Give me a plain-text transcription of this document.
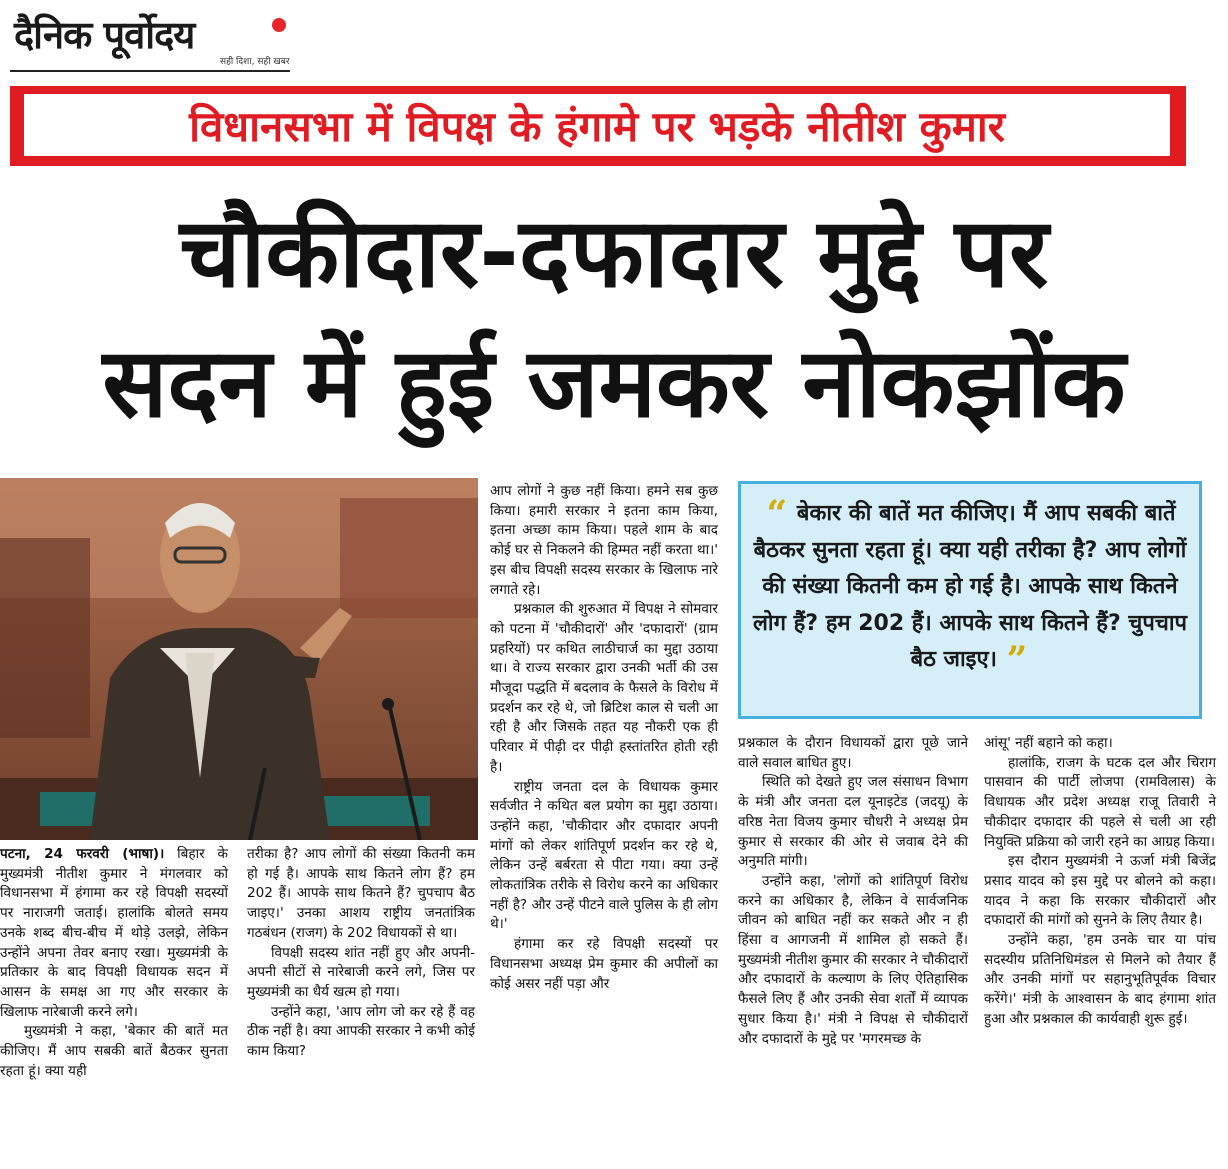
दैनिक पूर्वोदय
सही दिशा, सही खबर
विधानसभा में विपक्ष के हंगामे पर भड़के नीतीश कुमार
चौकीदार-दफादार मुद्दे पर
सदन में हुई जमकर नोकझोंक
“ बेकार की बातें मत कीजिए। मैं आप सबकी बातें बैठकर सुनता रहता हूं। क्या यही तरीका है? आप लोगों की संख्या कितनी कम हो गई है। आपके साथ कितने लोग हैं? हम 202 हैं। आपके साथ कितने हैं? चुपचाप बैठ जाइए। ”

पटना, 24 फरवरी (भाषा)। बिहार के मुख्यमंत्री नीतीश कुमार ने मंगलवार को विधानसभा में हंगामा कर रहे विपक्षी सदस्यों पर नाराजगी जताई। हालांकि बोलते समय उनके शब्द बीच-बीच में थोड़े उलझे, लेकिन उन्होंने अपना तेवर बनाए रखा। मुख्यमंत्री के प्रतिकार के बाद विपक्षी विधायक सदन में आसन के समक्ष आ गए और सरकार के खिलाफ नारेबाजी करने लगे।

मुख्यमंत्री ने कहा, 'बेकार की बातें मत कीजिए। मैं आप सबकी बातें बैठकर सुनता रहता हूं। क्या यही

तरीका है? आप लोगों की संख्या कितनी कम हो गई है। आपके साथ कितने लोग हैं? हम 202 हैं। आपके साथ कितने हैं? चुपचाप बैठ जाइए।' उनका आशय राष्ट्रीय जनतांत्रिक गठबंधन (राजग) के 202 विधायकों से था।

विपक्षी सदस्य शांत नहीं हुए और अपनी-अपनी सीटों से नारेबाजी करने लगे, जिस पर मुख्यमंत्री का धैर्य खत्म हो गया।

उन्होंने कहा, 'आप लोग जो कर रहे हैं वह ठीक नहीं है। क्या आपकी सरकार ने कभी कोई काम किया?

आप लोगों ने कुछ नहीं किया। हमने सब कुछ किया। हमारी सरकार ने इतना काम किया, इतना अच्छा काम किया। पहले शाम के बाद कोई घर से निकलने की हिम्मत नहीं करता था।' इस बीच विपक्षी सदस्य सरकार के खिलाफ नारे लगाते रहे।

प्रश्नकाल की शुरुआत में विपक्ष ने सोमवार को पटना में 'चौकीदारों' और 'दफादारों' (ग्राम प्रहरियों) पर कथित लाठीचार्ज का मुद्दा उठाया था। वे राज्य सरकार द्वारा उनकी भर्ती की उस मौजूदा पद्धति में बदलाव के फैसले के विरोध में प्रदर्शन कर रहे थे, जो ब्रिटिश काल से चली आ रही है और जिसके तहत यह नौकरी एक ही परिवार में पीढ़ी दर पीढ़ी हस्तांतरित होती रही है।

राष्ट्रीय जनता दल के विधायक कुमार सर्वजीत ने कथित बल प्रयोग का मुद्दा उठाया। उन्होंने कहा, 'चौकीदार और दफादार अपनी मांगों को लेकर शांतिपूर्ण प्रदर्शन कर रहे थे, लेकिन उन्हें बर्बरता से पीटा गया। क्या उन्हें लोकतांत्रिक तरीके से विरोध करने का अधिकार नहीं है? और उन्हें पीटने वाले पुलिस के ही लोग थे।'

हंगामा कर रहे विपक्षी सदस्यों पर विधानसभा अध्यक्ष प्रेम कुमार की अपीलों का कोई असर नहीं पड़ा और

प्रश्नकाल के दौरान विधायकों द्वारा पूछे जाने वाले सवाल बाधित हुए।

स्थिति को देखते हुए जल संसाधन विभाग के मंत्री और जनता दल यूनाइटेड (जदयू) के वरिष्ठ नेता विजय कुमार चौधरी ने अध्यक्ष प्रेम कुमार से सरकार की ओर से जवाब देने की अनुमति मांगी।

उन्होंने कहा, 'लोगों को शांतिपूर्ण विरोध करने का अधिकार है, लेकिन वे सार्वजनिक जीवन को बाधित नहीं कर सकते और न ही हिंसा व आगजनी में शामिल हो सकते हैं। मुख्यमंत्री नीतीश कुमार की सरकार ने चौकीदारों और दफादारों के कल्याण के लिए ऐतिहासिक फैसले लिए हैं और उनकी सेवा शर्तों में व्यापक सुधार किया है।' मंत्री ने विपक्ष से चौकीदारों और दफादारों के मुद्दे पर 'मगरमच्छ के

आंसू' नहीं बहाने को कहा।

हालांकि, राजग के घटक दल और चिराग पासवान की पार्टी लोजपा (रामविलास) के विधायक और प्रदेश अध्यक्ष राजू तिवारी ने चौकीदार दफादार की पहले से चली आ रही नियुक्ति प्रक्रिया को जारी रहने का आग्रह किया।

इस दौरान मुख्यमंत्री ने ऊर्जा मंत्री बिजेंद्र प्रसाद यादव को इस मुद्दे पर बोलने को कहा। यादव ने कहा कि सरकार चौकीदारों और दफादारों की मांगों को सुनने के लिए तैयार है।

उन्होंने कहा, 'हम उनके चार या पांच सदस्यीय प्रतिनिधिमंडल से मिलने को तैयार हैं और उनकी मांगों पर सहानुभूतिपूर्वक विचार करेंगे।' मंत्री के आश्वासन के बाद हंगामा शांत हुआ और प्रश्नकाल की कार्यवाही शुरू हुई।
